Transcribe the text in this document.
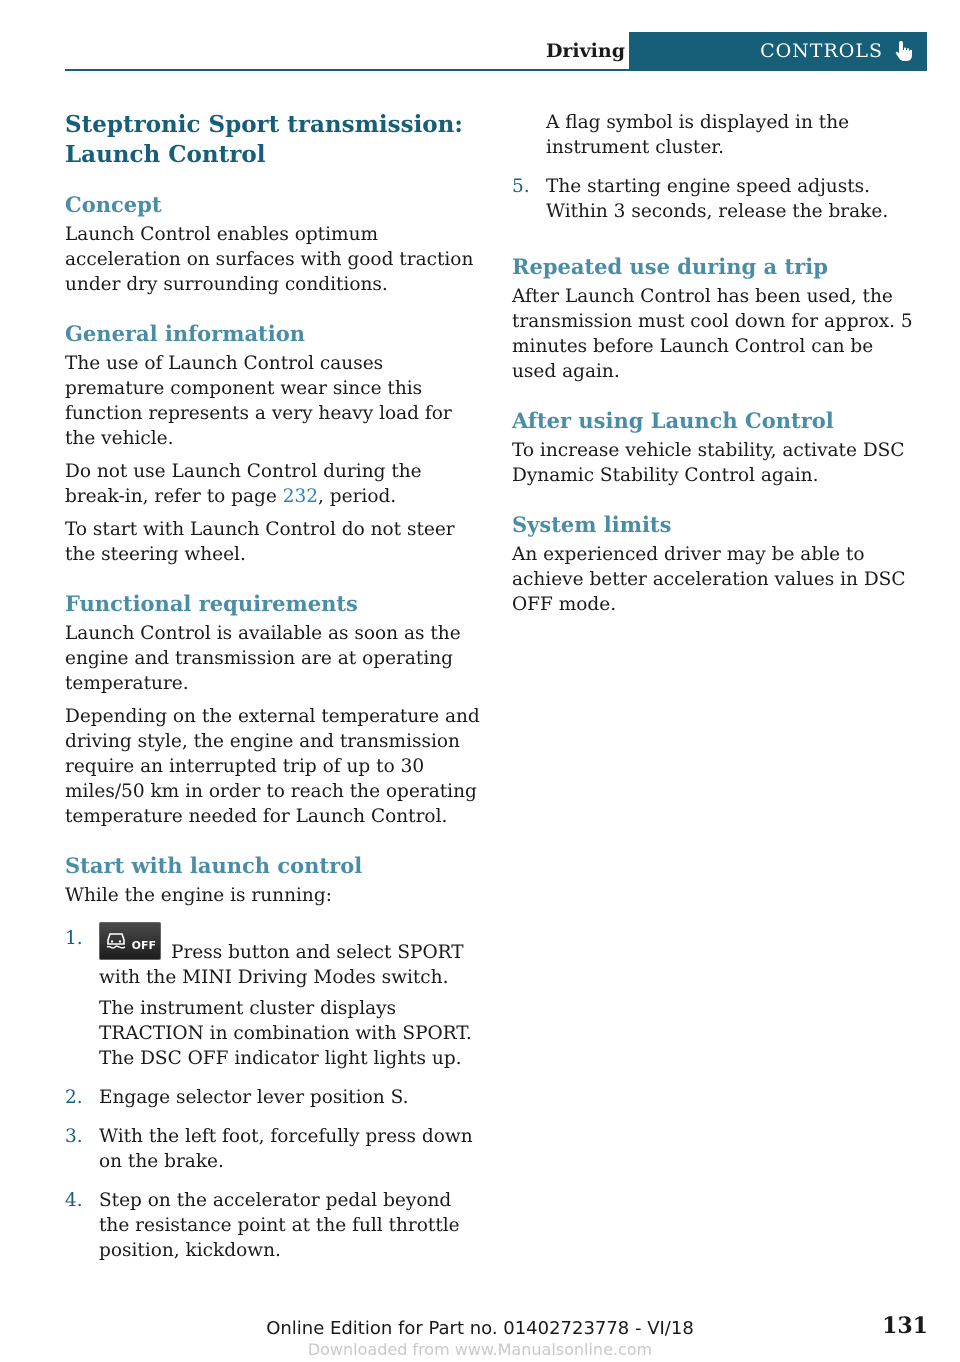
Driving	CONTROLS
Steptronic Sport transmission:
Launch Control
Concept

Launch Control enables optimum acceleration on surfaces with good traction under dry surrounding conditions.

General information

The use of Launch Control causes premature component wear since this function represents a very heavy load for the vehicle.

Do not use Launch Control during the break-in, refer to page 232, period.

To start with Launch Control do not steer the steering wheel.

Functional requirements

Launch Control is available as soon as the engine and transmission are at operating temperature.

Depending on the external temperature and driving style, the engine and transmission require an interrupted trip of up to 30 miles/50 km in order to reach the operating temperature needed for Launch Control.

Start with launch control

While the engine is running:

1.	OFF Press button and select SPORT with the MINI Driving Modes switch.

The instrument cluster displays TRACTION in combination with SPORT. The DSC OFF indicator light lights up.

2. Engage selector lever position S.

3. With the left foot, forcefully press down on the brake.

4. Step on the accelerator pedal beyond the resistance point at the full throttle position, kickdown.

A flag symbol is displayed in the instrument cluster.

5. The starting engine speed adjusts. Within 3 seconds, release the brake.

Repeated use during a trip

After Launch Control has been used, the transmission must cool down for approx. 5 minutes before Launch Control can be used again.

After using Launch Control

To increase vehicle stability, activate DSC Dynamic Stability Control again.

System limits

An experienced driver may be able to achieve better acceleration values in DSC OFF mode.

Online Edition for Part no. 01402723778 - VI/18	131
Downloaded from www.Manualsonline.com
